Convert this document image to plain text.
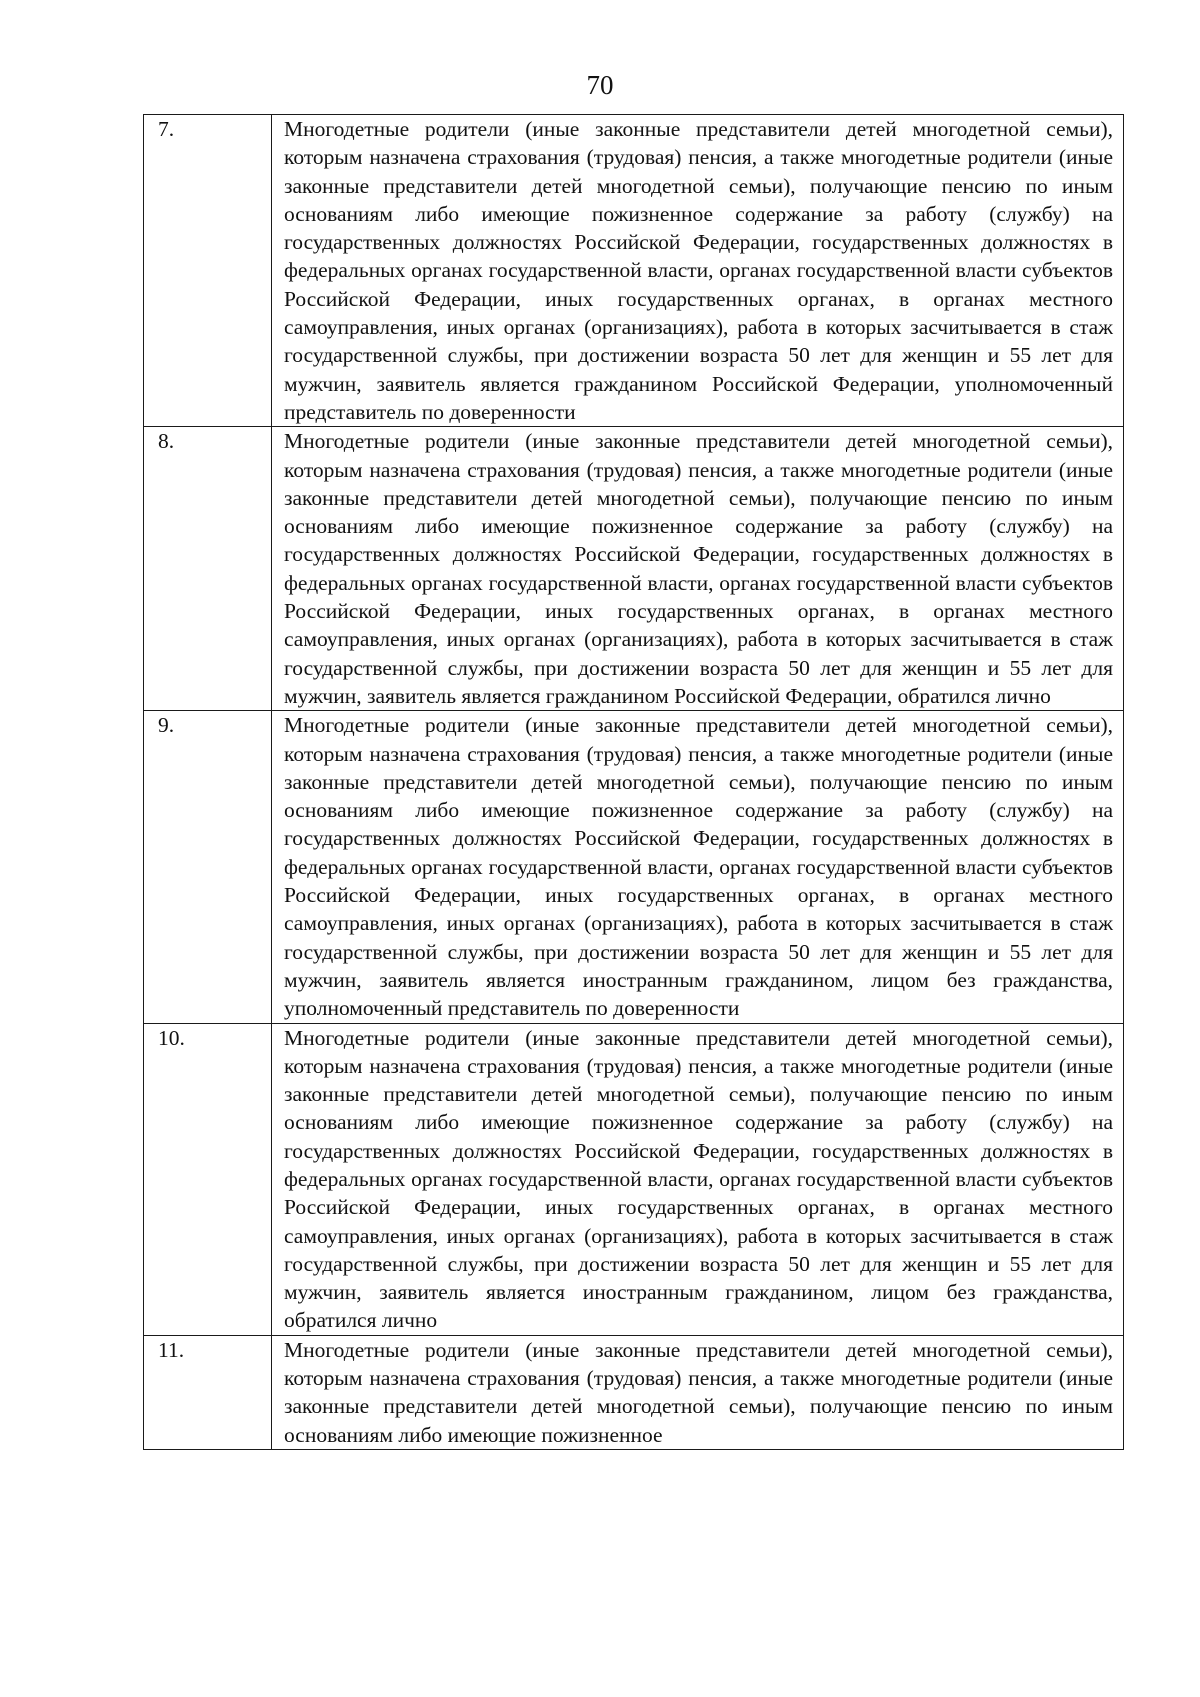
70
7.	Многодетные родители (иные законные представители детей многодетной семьи), которым назначена страхования (трудовая) пенсия, а также многодетные родители (иные законные представители детей многодетной семьи), получающие пенсию по иным основаниям либо имеющие пожизненное содержание за работу (службу) на государственных должностях Российской Федерации, государственных должностях в федеральных органах государственной власти, органах государственной власти субъектов Российской Федерации, иных государственных органах, в органах местного самоуправления, иных органах (организациях), работа в которых засчитывается в стаж государственной службы, при достижении возраста 50 лет для женщин и 55 лет для мужчин, заявитель является гражданином Российской Федерации, уполномоченный представитель по доверенности
8.	Многодетные родители (иные законные представители детей многодетной семьи), которым назначена страхования (трудовая) пенсия, а также многодетные родители (иные законные представители детей многодетной семьи), получающие пенсию по иным основаниям либо имеющие пожизненное содержание за работу (службу) на государственных должностях Российской Федерации, государственных должностях в федеральных органах государственной власти, органах государственной власти субъектов Российской Федерации, иных государственных органах, в органах местного самоуправления, иных органах (организациях), работа в которых засчитывается в стаж государственной службы, при достижении возраста 50 лет для женщин и 55 лет для мужчин, заявитель является гражданином Российской Федерации, обратился лично
9.	Многодетные родители (иные законные представители детей многодетной семьи), которым назначена страхования (трудовая) пенсия, а также многодетные родители (иные законные представители детей многодетной семьи), получающие пенсию по иным основаниям либо имеющие пожизненное содержание за работу (службу) на государственных должностях Российской Федерации, государственных должностях в федеральных органах государственной власти, органах государственной власти субъектов Российской Федерации, иных государственных органах, в органах местного самоуправления, иных органах (организациях), работа в которых засчитывается в стаж государственной службы, при достижении возраста 50 лет для женщин и 55 лет для мужчин, заявитель является иностранным гражданином, лицом без гражданства, уполномоченный представитель по доверенности
10.	Многодетные родители (иные законные представители детей многодетной семьи), которым назначена страхования (трудовая) пенсия, а также многодетные родители (иные законные представители детей многодетной семьи), получающие пенсию по иным основаниям либо имеющие пожизненное содержание за работу (службу) на государственных должностях Российской Федерации, государственных должностях в федеральных органах государственной власти, органах государственной власти субъектов Российской Федерации, иных государственных органах, в органах местного самоуправления, иных органах (организациях), работа в которых засчитывается в стаж государственной службы, при достижении возраста 50 лет для женщин и 55 лет для мужчин, заявитель является иностранным гражданином, лицом без гражданства, обратился лично
11.	Многодетные родители (иные законные представители детей многодетной семьи), которым назначена страхования (трудовая) пенсия, а также многодетные родители (иные законные представители детей многодетной семьи), получающие пенсию по иным основаниям либо имеющие пожизненное
